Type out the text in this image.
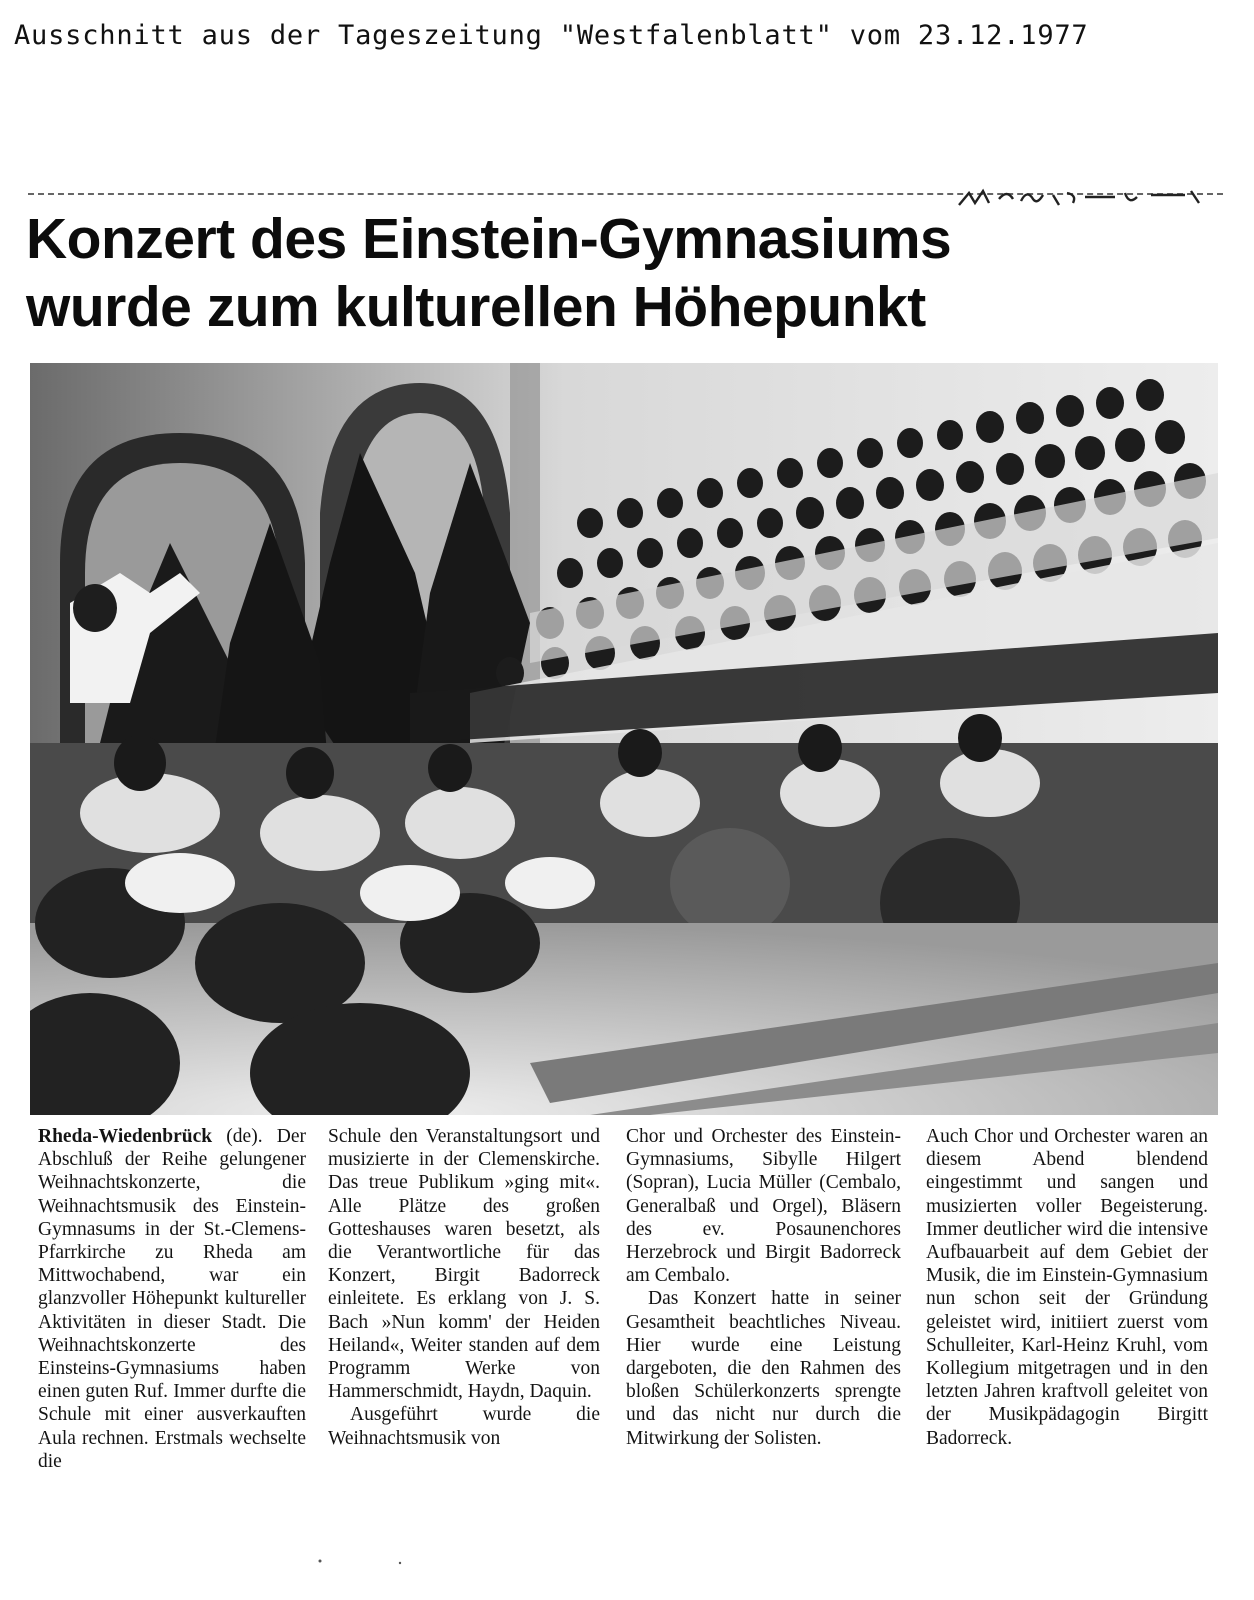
Ausschnitt aus der Tageszeitung "Westfalenblatt" vom 23.12.1977
Konzert des Einstein-Gymnasiums
wurde zum kulturellen Höhepunkt

Rheda-Wiedenbrück (de). Der Abschluß der Reihe gelungener Weihnachtskonzerte, die Weihnachtsmusik des Einstein-Gymnasums in der St.-Clemens-Pfarrkirche zu Rheda am Mittwochabend, war ein glanzvoller Höhepunkt kultureller Aktivitäten in dieser Stadt. Die Weihnachtskonzerte des Einsteins-Gymnasiums haben einen guten Ruf. Immer durfte die Schule mit einer ausverkauften Aula rechnen. Erstmals wechselte die

Schule den Veranstaltungsort und musizierte in der Clemenskirche. Das treue Publikum »ging mit«. Alle Plätze des großen Gotteshauses waren besetzt, als die Verantwortliche für das Konzert, Birgit Badorreck einleitete. Es erklang von J. S. Bach »Nun komm' der Heiden Heiland«, Weiter standen auf dem Programm Werke von Hammerschmidt, Haydn, Daquin.

Ausgeführt wurde die Weihnachtsmusik von

Chor und Orchester des Einstein-Gymnasiums, Sibylle Hilgert (Sopran), Lucia Müller (Cembalo, Generalbaß und Orgel), Bläsern des ev. Posaunenchores Herzebrock und Birgit Badorreck am Cembalo.

Das Konzert hatte in seiner Gesamtheit beachtliches Niveau. Hier wurde eine Leistung dargeboten, die den Rahmen des bloßen Schülerkonzerts sprengte und das nicht nur durch die Mitwirkung der Solisten.

Auch Chor und Orchester waren an diesem Abend blendend eingestimmt und sangen und musizierten voller Begeisterung. Immer deutlicher wird die intensive Aufbauarbeit auf dem Gebiet der Musik, die im Einstein-Gymnasium nun schon seit der Gründung geleistet wird, initiiert zuerst vom Schulleiter, Karl-Heinz Kruhl, vom Kollegium mitgetragen und in den letzten Jahren kraftvoll geleitet von der Musikpädagogin Birgitt Badorreck.
